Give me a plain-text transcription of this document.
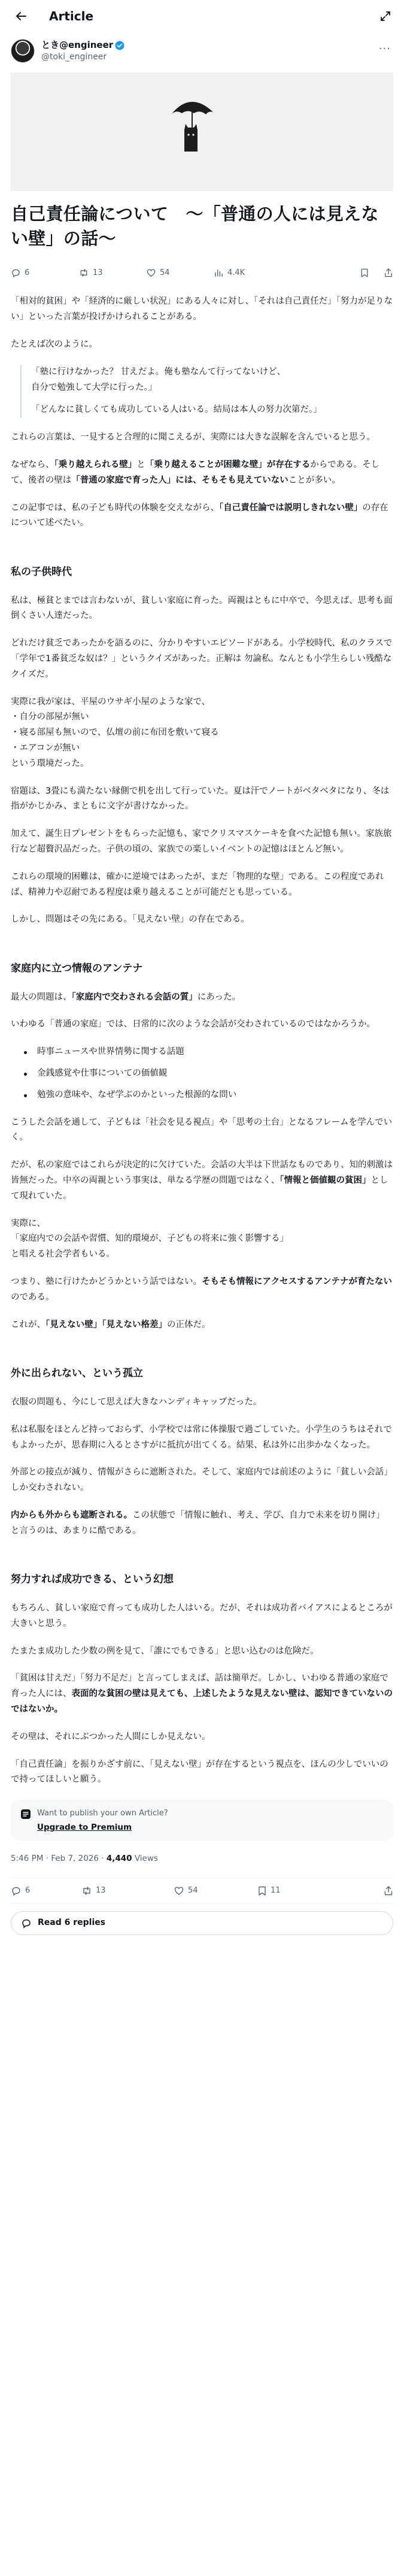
Article
とき@engineer
@toki_engineer
···
自己責任論について　〜「普通の人には見えない壁」の話〜
6	13	54	4.4K

「相対的貧困」や「経済的に厳しい状況」にある人々に対し、「それは自己責任だ」「努力が足りない」といった言葉が投げかけられることがある。

たとえば次のように。

「塾に行けなかった？ 甘えだよ。俺も塾なんて行ってないけど、
自分で勉強して大学に行った。」

「どんなに貧しくても成功している人はいる。結局は本人の努力次第だ。」

これらの言葉は、一見すると合理的に聞こえるが、実際には大きな誤解を含んでいると思う。

なぜなら、「乗り越えられる壁」と「乗り越えることが困難な壁」が存在するからである。そして、後者の壁は「普通の家庭で育った人」には、そもそも見えていないことが多い。

この記事では、私の子ども時代の体験を交えながら、「自己責任論では説明しきれない壁」の存在について述べたい。

私の子供時代

私は、極貧とまでは言わないが、貧しい家庭に育った。両親はともに中卒で、今思えば、思考も面倒くさい人達だった。

どれだけ貧乏であったかを語るのに、分かりやすいエピソードがある。小学校時代、私のクラスで「学年で1番貧乏な奴は？」というクイズがあった。正解は 勿論私。なんとも小学生らしい残酷なクイズだ。

実際に我が家は、平屋のウサギ小屋のような家で、
・自分の部屋が無い
・寝る部屋も無いので、仏壇の前に布団を敷いて寝る
・エアコンが無い
という環境だった。

宿題は、3畳にも満たない縁側で机を出して行っていた。夏は汗でノートがベタベタになり、冬は指がかじかみ、まともに文字が書けなかった。

加えて、誕生日プレゼントをもらった記憶も、家でクリスマスケーキを食べた記憶も無い。家族旅行など超贅沢品だった。子供の頃の、家族での楽しいイベントの記憶はほとんど無い。

これらの環境的困難は、確かに逆境ではあったが、まだ「物理的な壁」である。この程度であれば、精神力や忍耐である程度は乗り越えることが可能だとも思っている。

しかし、問題はその先にある。「見えない壁」の存在である。

家庭内に立つ情報のアンテナ

最大の問題は、「家庭内で交わされる会話の質」にあった。

いわゆる「普通の家庭」では、日常的に次のような会話が交わされているのではなかろうか。

時事ニュースや世界情勢に関する話題
金銭感覚や仕事についての価値観
勉強の意味や、なぜ学ぶのかといった根源的な問い

こうした会話を通して、子どもは「社会を見る視点」や「思考の土台」となるフレームを学んでいく。

だが、私の家庭ではこれらが決定的に欠けていた。会話の大半は下世話なものであり、知的刺激は皆無だった。中卒の両親という事実は、単なる学歴の問題ではなく、「情報と価値観の貧困」として現れていた。

実際に、
「家庭内での会話や習慣、知的環境が、子どもの将来に強く影響する」
と唱える社会学者もいる。

つまり、塾に行けたかどうかという話ではない。そもそも情報にアクセスするアンテナが育たないのである。

これが、「見えない壁」「見えない格差」の正体だ。

外に出られない、という孤立

衣服の問題も、今にして思えば大きなハンディキャップだった。

私は私服をほとんど持っておらず、小学校では常に体操服で過ごしていた。小学生のうちはそれでもよかったが、思春期に入るとさすがに抵抗が出てくる。結果、私は外に出歩かなくなった。

外部との接点が減り、情報がさらに遮断された。そして、家庭内では前述のように「貧しい会話」しか交わされない。

内からも外からも遮断される。この状態で「情報に触れ、考え、学び、自力で未来を切り開け」と言うのは、あまりに酷である。

努力すれば成功できる、という幻想

もちろん、貧しい家庭で育っても成功した人はいる。だが、それは成功者バイアスによるところが大きいと思う。

たまたま成功した少数の例を見て、「誰にでもできる」と思い込むのは危険だ。

「貧困は甘えだ」「努力不足だ」と言ってしまえば、話は簡単だ。しかし、いわゆる普通の家庭で育った人には、表面的な貧困の壁は見えても、上述したような見えない壁は、認知できていないのではないか。

その壁は、それにぶつかった人間にしか見えない。

「自己責任論」を振りかざす前に、「見えない壁」が存在するという視点を、ほんの少しでいいので持ってほしいと願う。

Want to publish your own Article?
Upgrade to Premium
5:46 PM · Feb 7, 2026 · 4,440 Views
6	13	54	11
Read 6 replies
